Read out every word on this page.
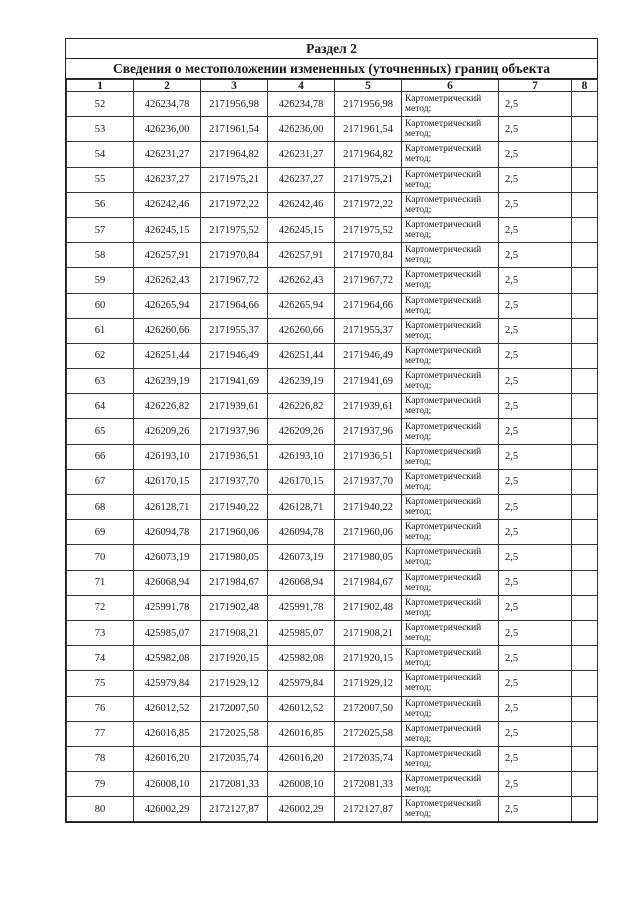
Раздел 2
Сведения о местоположении измененных (уточненных) границ объекта
1	2	3	4	5	6	7	8
52	426234,78	2171956,98	426234,78	2171956,98	Картометрический метод;	2,5	
53	426236,00	2171961,54	426236,00	2171961,54	Картометрический метод;	2,5	
54	426231,27	2171964,82	426231,27	2171964,82	Картометрический метод;	2,5	
55	426237,27	2171975,21	426237,27	2171975,21	Картометрический метод;	2,5	
56	426242,46	2171972,22	426242,46	2171972,22	Картометрический метод;	2,5	
57	426245,15	2171975,52	426245,15	2171975,52	Картометрический метод;	2,5	
58	426257,91	2171970,84	426257,91	2171970,84	Картометрический метод;	2,5	
59	426262,43	2171967,72	426262,43	2171967,72	Картометрический метод;	2,5	
60	426265,94	2171964,66	426265,94	2171964,66	Картометрический метод;	2,5	
61	426260,66	2171955,37	426260,66	2171955,37	Картометрический метод;	2,5	
62	426251,44	2171946,49	426251,44	2171946,49	Картометрический метод;	2,5	
63	426239,19	2171941,69	426239,19	2171941,69	Картометрический метод;	2,5	
64	426226,82	2171939,61	426226,82	2171939,61	Картометрический метод;	2,5	
65	426209,26	2171937,96	426209,26	2171937,96	Картометрический метод;	2,5	
66	426193,10	2171936,51	426193,10	2171936,51	Картометрический метод;	2,5	
67	426170,15	2171937,70	426170,15	2171937,70	Картометрический метод;	2,5	
68	426128,71	2171940,22	426128,71	2171940,22	Картометрический метод;	2,5	
69	426094,78	2171960,06	426094,78	2171960,06	Картометрический метод;	2,5	
70	426073,19	2171980,05	426073,19	2171980,05	Картометрический метод;	2,5	
71	426068,94	2171984,67	426068,94	2171984,67	Картометрический метод;	2,5	
72	425991,78	2171902,48	425991,78	2171902,48	Картометрический метод;	2,5	
73	425985,07	2171908,21	425985,07	2171908,21	Картометрический метод;	2,5	
74	425982,08	2171920,15	425982,08	2171920,15	Картометрический метод;	2,5	
75	425979,84	2171929,12	425979,84	2171929,12	Картометрический метод;	2,5	
76	426012,52	2172007,50	426012,52	2172007,50	Картометрический метод;	2,5	
77	426016,85	2172025,58	426016,85	2172025,58	Картометрический метод;	2,5	
78	426016,20	2172035,74	426016,20	2172035,74	Картометрический метод;	2,5	
79	426008,10	2172081,33	426008,10	2172081,33	Картометрический метод;	2,5	
80	426002,29	2172127,87	426002,29	2172127,87	Картометрический метод;	2,5	
